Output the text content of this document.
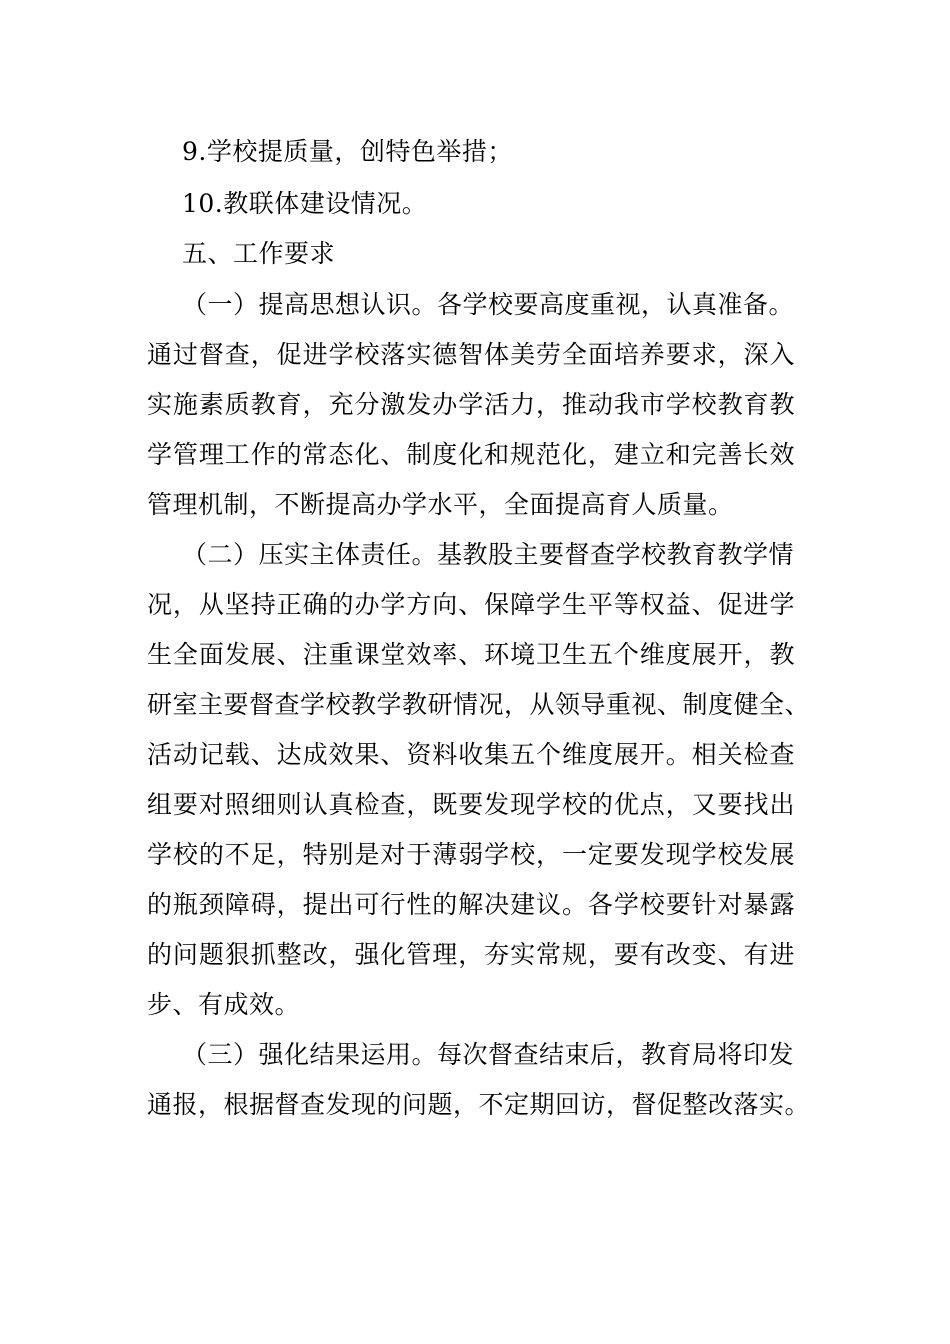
9.学校提质量，创特色举措；
10.教联体建设情况。
五、工作要求
（一）提高思想认识。各学校要高度重视，认真准备。
通过督查，促进学校落实德智体美劳全面培养要求，深入
实施素质教育，充分激发办学活力，推动我市学校教育教
学管理工作的常态化、制度化和规范化，建立和完善长效
管理机制，不断提高办学水平，全面提高育人质量。
（二）压实主体责任。基教股主要督查学校教育教学情
况，从坚持正确的办学方向、保障学生平等权益、促进学
生全面发展、注重课堂效率、环境卫生五个维度展开，教
研室主要督查学校教学教研情况，从领导重视、制度健全、
活动记载、达成效果、资料收集五个维度展开。相关检查
组要对照细则认真检查，既要发现学校的优点，又要找出
学校的不足，特别是对于薄弱学校，一定要发现学校发展
的瓶颈障碍，提出可行性的解决建议。各学校要针对暴露
的问题狠抓整改，强化管理，夯实常规，要有改变、有进
步、有成效。
（三）强化结果运用。每次督查结束后，教育局将印发
通报，根据督查发现的问题，不定期回访，督促整改落实。
